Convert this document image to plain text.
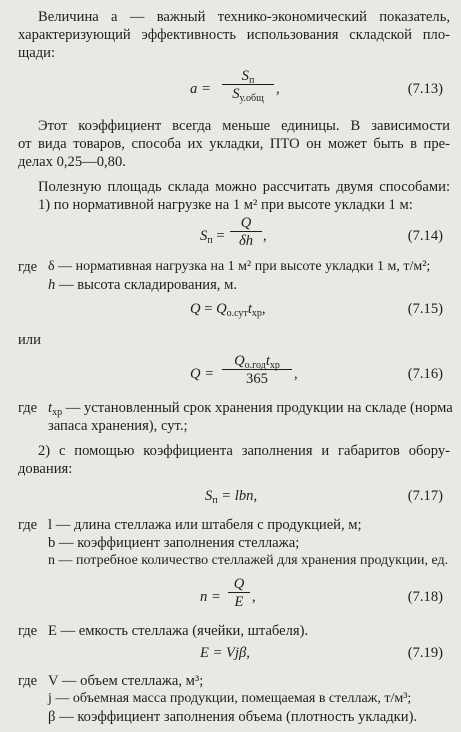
Величина a — важный технико-экономический показатель,
характеризующий эффективность использования складской пло-
щади:
a =
$S_п$
$S_{у.общ}$
,	(7.13)
Этот коэффициент всегда меньше единицы. В зависимости
от вида товаров, способа их укладки, ПТО он может быть в пре-
делах 0,25—0,80.
Полезную площадь склада можно рассчитать двумя способами:
1) по нормативной нагрузке на 1 м² при высоте укладки 1 м:
$S_п = \frac{Q}{\delta h}$ ,	(7.14)
где δ — нормативная нагрузка на 1 м² при высоте укладки 1 м, т/м²;
h — высота складирования, м.
$Q = Q_{о.сут}t_{хр}$,	(7.15)
или
Q =
$Q_{о.год}t_{хр}$
365	,	(7.16)
где $t_{хр}$ — установленный срок хранения продукции на складе (норма
запаса хранения), сут.;
2) с помощью коэффициента заполнения и габаритов обору-
дования:
$S_п$ = lbn,	(7.17)
где l — длина стеллажа или штабеля с продукцией, м;
b — коэффициент заполнения стеллажа;
n — потребное количество стеллажей для хранения продукции, ед.
$n = \frac{Q}{E}$ ,	(7.18)
где E — емкость стеллажа (ячейки, штабеля).
E = Vjβ,	(7.19)
где V — объем стеллажа, м³;
j — объемная масса продукции, помещаемая в стеллаж, т/м³;
β — коэффициент заполнения объема (плотность укладки).
